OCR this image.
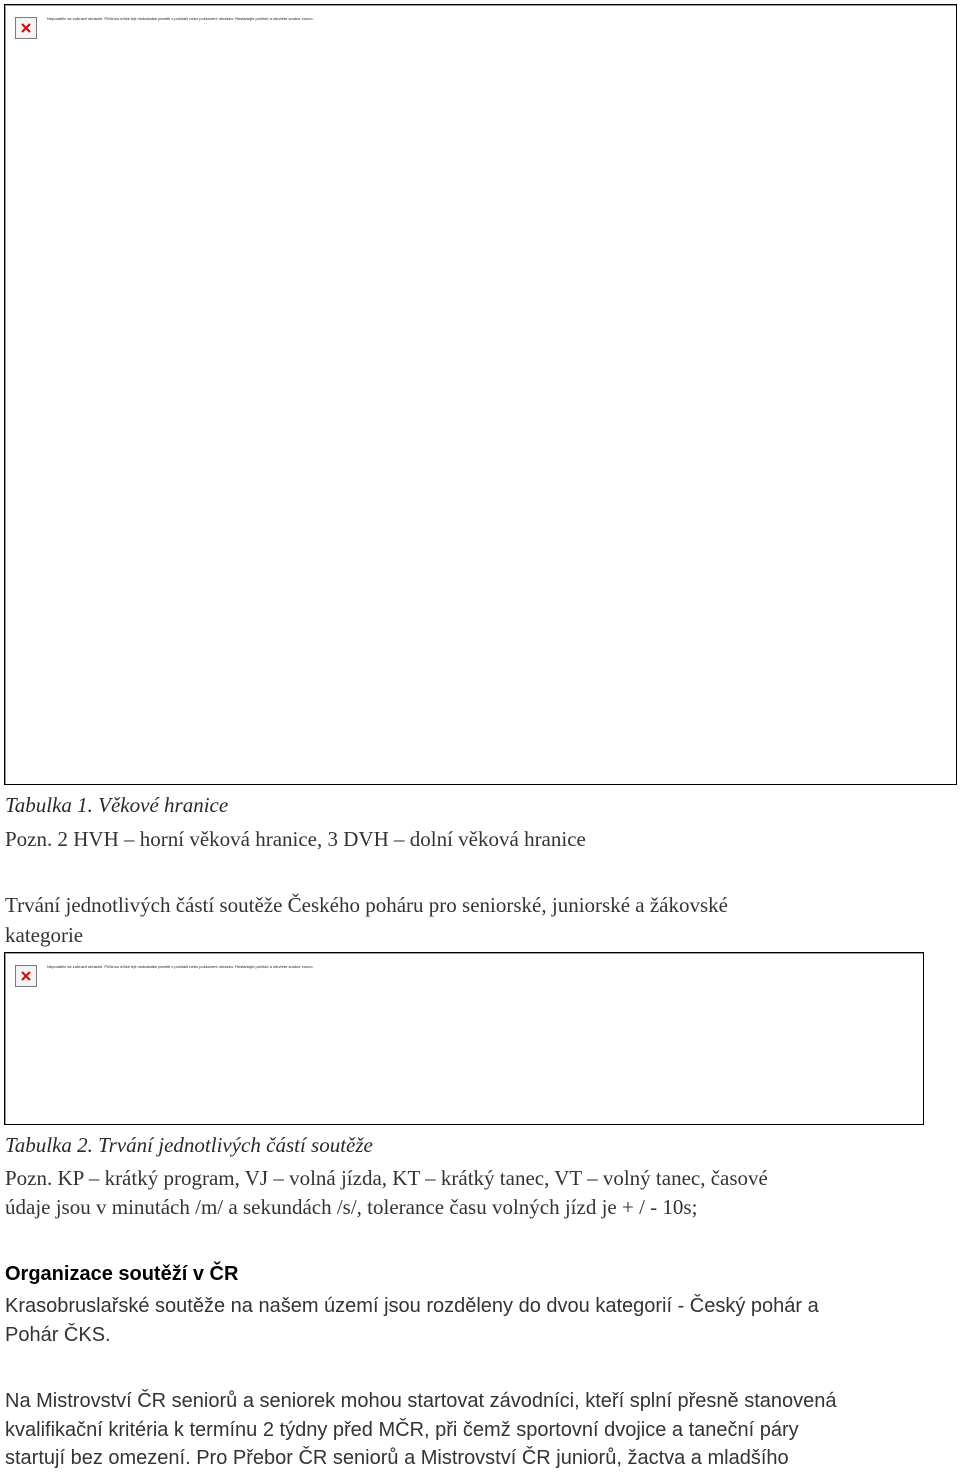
Nepodařilo se zobrazit obrázek. Příčinou může být nedostatek paměti v počítači nebo poškození obrázku. Restartujte počítač a otevřete soubor znovu.
Tabulka 1. Věkové hranice
Pozn. 2 HVH – horní věková hranice, 3 DVH – dolní věková hranice
Trvání jednotlivých částí soutěže Českého poháru pro seniorské, juniorské a žákovské
kategorie
Nepodařilo se zobrazit obrázek. Příčinou může být nedostatek paměti v počítači nebo poškození obrázku. Restartujte počítač a otevřete soubor znovu.
Tabulka 2. Trvání jednotlivých částí soutěže
Pozn. KP – krátký program, VJ – volná jízda, KT – krátký tanec, VT – volný tanec, časové
údaje jsou v minutách /m/ a sekundách /s/, tolerance času volných jízd je + / - 10s;
Organizace soutěží v ČR
Krasobruslařské soutěže na našem území jsou rozděleny do dvou kategorií - Český pohár a
Pohár ČKS.
Na Mistrovství ČR seniorů a seniorek mohou startovat závodníci, kteří splní přesně stanovená
kvalifikační kritéria k termínu 2 týdny před MČR, při čemž sportovní dvojice a taneční páry
startují bez omezení. Pro Přebor ČR seniorů a Mistrovství ČR juniorů, žactva a mladšího
